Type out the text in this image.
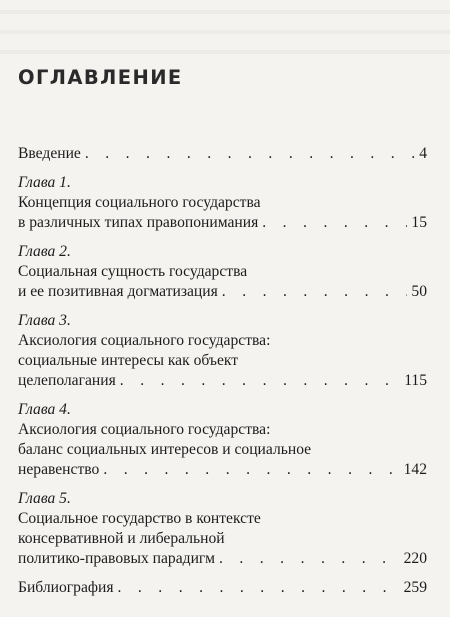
ОГЛАВЛЕНИЕ
Введение . . .	4
Глава 1.
Концепция социального государства
в различных типах правопонимания . . .	15
Глава 2.
Социальная сущность государства
и ее позитивная догматизация . . .	50
Глава 3.
Аксиология социального государства:
социальные интересы как объект
целеполагания . . .	115
Глава 4.
Аксиология социального государства:
баланс социальных интересов и социальное
неравенство . . .	142
Глава 5.
Социальное государство в контексте
консервативной и либеральной
политико-правовых парадигм . . .	220
Библиография . . .	259
